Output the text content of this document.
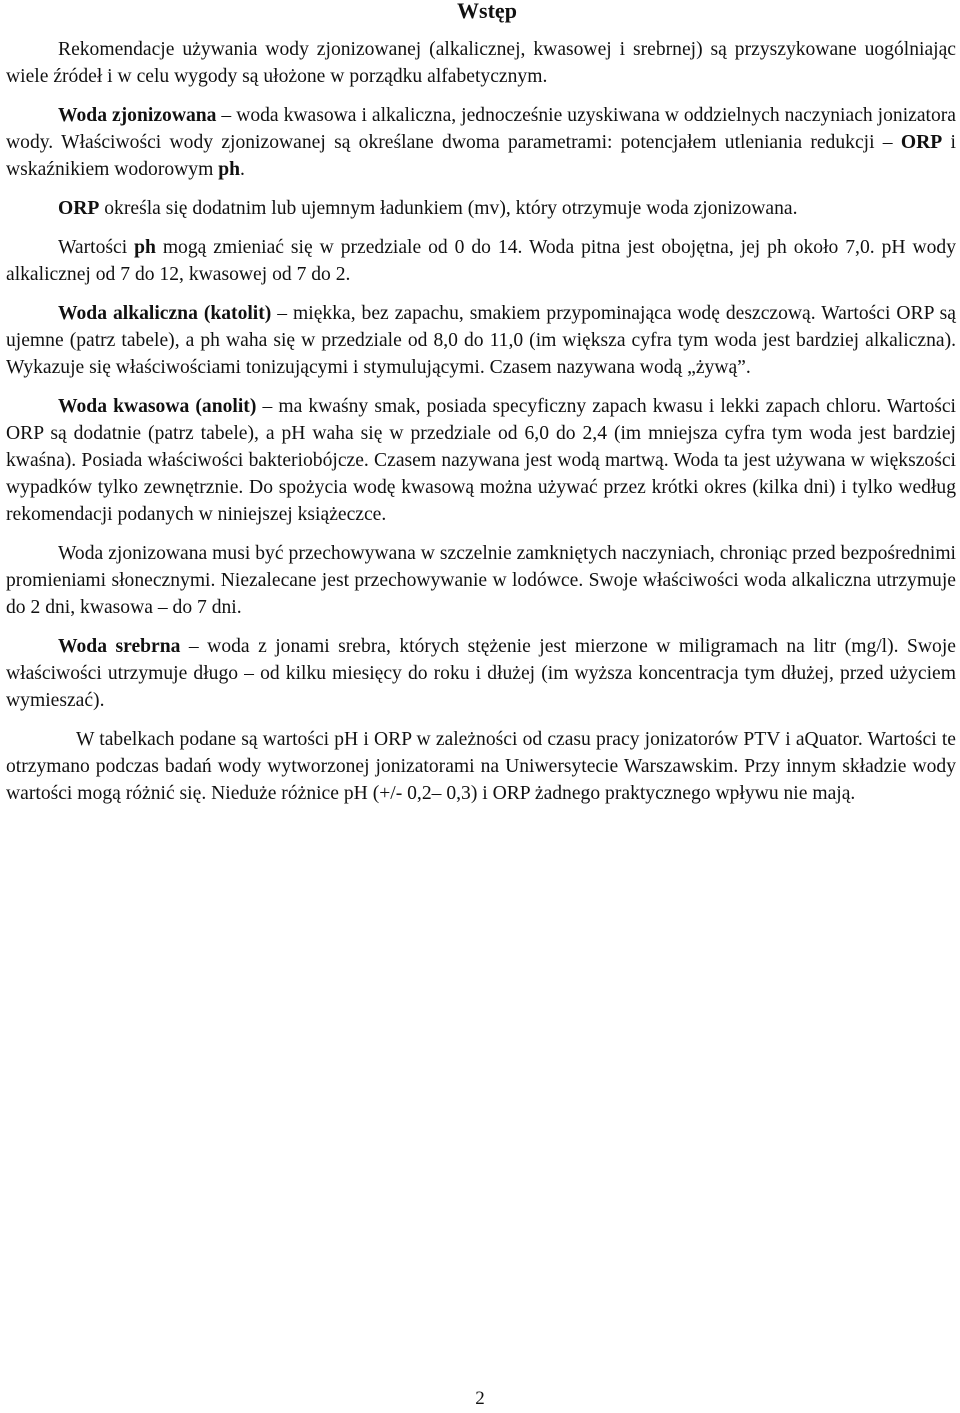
Wstęp

Rekomendacje używania wody zjonizowanej (alkalicznej, kwasowej i srebrnej) są przyszykowane uogólniając wiele źródeł i w celu wygody są ułożone w porządku alfabetycznym.

Woda zjonizowana – woda kwasowa i alkaliczna, jednocześnie uzyskiwana w oddzielnych naczyniach jonizatora wody. Właściwości wody zjonizowanej są określane dwoma parametrami: potencjałem utleniania redukcji – ORP i wskaźnikiem wodorowym ph.

ORP określa się dodatnim lub ujemnym ładunkiem (mv), który otrzymuje woda zjonizowana.

Wartości ph mogą zmieniać się w przedziale od 0 do 14. Woda pitna jest obojętna, jej ph około 7,0. pH wody alkalicznej od 7 do 12, kwasowej od 7 do 2.

Woda alkaliczna (katolit) – miękka, bez zapachu, smakiem przypominająca wodę deszczową. Wartości ORP są ujemne (patrz tabele), a ph waha się w przedziale od 8,0 do 11,0 (im większa cyfra tym woda jest bardziej alkaliczna). Wykazuje się właściwościami tonizującymi i stymulującymi. Czasem nazywana wodą „żywą”.

Woda kwasowa (anolit) – ma kwaśny smak, posiada specyficzny zapach kwasu i lekki zapach chloru. Wartości ORP są dodatnie (patrz tabele), a pH waha się w przedziale od 6,0 do 2,4 (im mniejsza cyfra tym woda jest bardziej kwaśna). Posiada właściwości bakteriobójcze. Czasem nazywana jest wodą martwą. Woda ta jest używana w większości wypadków tylko zewnętrznie. Do spożycia wodę kwasową można używać przez krótki okres (kilka dni) i tylko według rekomendacji podanych w niniejszej książeczce.

Woda zjonizowana musi być przechowywana w szczelnie zamkniętych naczyniach, chroniąc przed bezpośrednimi promieniami słonecznymi. Niezalecane jest przechowywanie w lodówce. Swoje właściwości woda alkaliczna utrzymuje do 2 dni, kwasowa – do 7 dni.

Woda srebrna – woda z jonami srebra, których stężenie jest mierzone w miligramach na litr (mg/l). Swoje właściwości utrzymuje długo – od kilku miesięcy do roku i dłużej (im wyższa koncentracja tym dłużej, przed użyciem wymieszać).

W tabelkach podane są wartości pH i ORP w zależności od czasu pracy jonizatorów PTV i aQuator. Wartości te otrzymano podczas badań wody wytworzonej jonizatorami na Uniwersytecie Warszawskim. Przy innym składzie wody wartości mogą różnić się. Nieduże różnice pH (+/- 0,2– 0,3) i ORP żadnego praktycznego wpływu nie mają.

2
